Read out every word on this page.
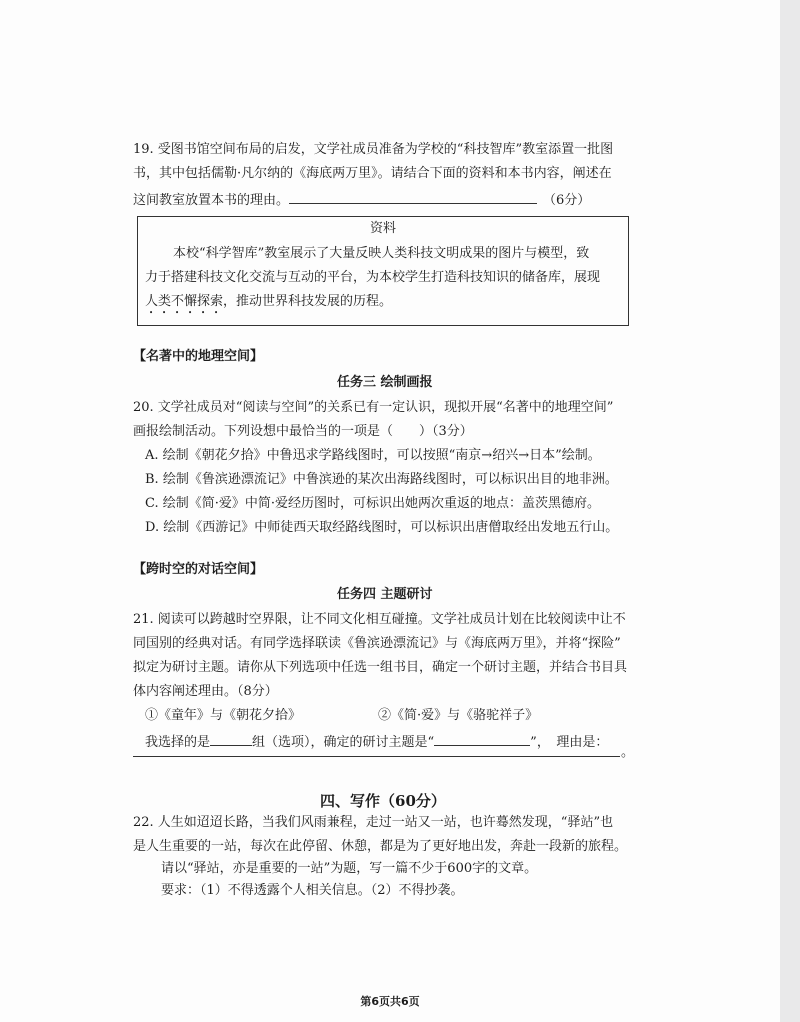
19. 受图书馆空间布局的启发，文学社成员准备为学校的“科技智库”教室添置一批图
书，其中包括儒勒·凡尔纳的《海底两万里》。请结合下面的资料和本书内容，阐述在
这间教室放置本书的理由。	（6分）
资料
本校“科学智库”教室展示了大量反映人类科技文明成果的图片与模型，致
力于搭建科技文化交流与互动的平台，为本校学生打造科技知识的储备库，展现
人类不懈探索，推动世界科技发展的历程。
【名著中的地理空间】
任务三 绘制画报
20. 文学社成员对“阅读与空间”的关系已有一定认识，现拟开展“名著中的地理空间”
画报绘制活动。下列设想中最恰当的一项是（　　）（3分）
A. 绘制《朝花夕拾》中鲁迅求学路线图时，可以按照“南京→绍兴→日本”绘制。
B. 绘制《鲁滨逊漂流记》中鲁滨逊的某次出海路线图时，可以标识出目的地非洲。
C. 绘制《简·爱》中简·爱经历图时，可标识出她两次重返的地点：盖茨黑德府。
D. 绘制《西游记》中师徒西天取经路线图时，可以标识出唐僧取经出发地五行山。
【跨时空的对话空间】
任务四 主题研讨
21. 阅读可以跨越时空界限，让不同文化相互碰撞。文学社成员计划在比较阅读中让不
同国别的经典对话。有同学选择联读《鲁滨逊漂流记》与《海底两万里》，并将“探险”
拟定为研讨主题。请你从下列选项中任选一组书目，确定一个研讨主题，并结合书目具
体内容阐述理由。（8分）
①《童年》与《朝花夕拾》	②《简·爱》与《骆驼祥子》
我选择的是	组（选项），确定的研讨主题是“	”，　理由是：
。
四、写作（60分）
22. 人生如迢迢长路，当我们风雨兼程，走过一站又一站，也许蓦然发现，“驿站”也
是人生重要的一站，每次在此停留、休憩，都是为了更好地出发，奔赴一段新的旅程。
请以“驿站，亦是重要的一站”为题，写一篇不少于600字的文章。
要求：（1）不得透露个人相关信息。（2）不得抄袭。
第6页共6页
